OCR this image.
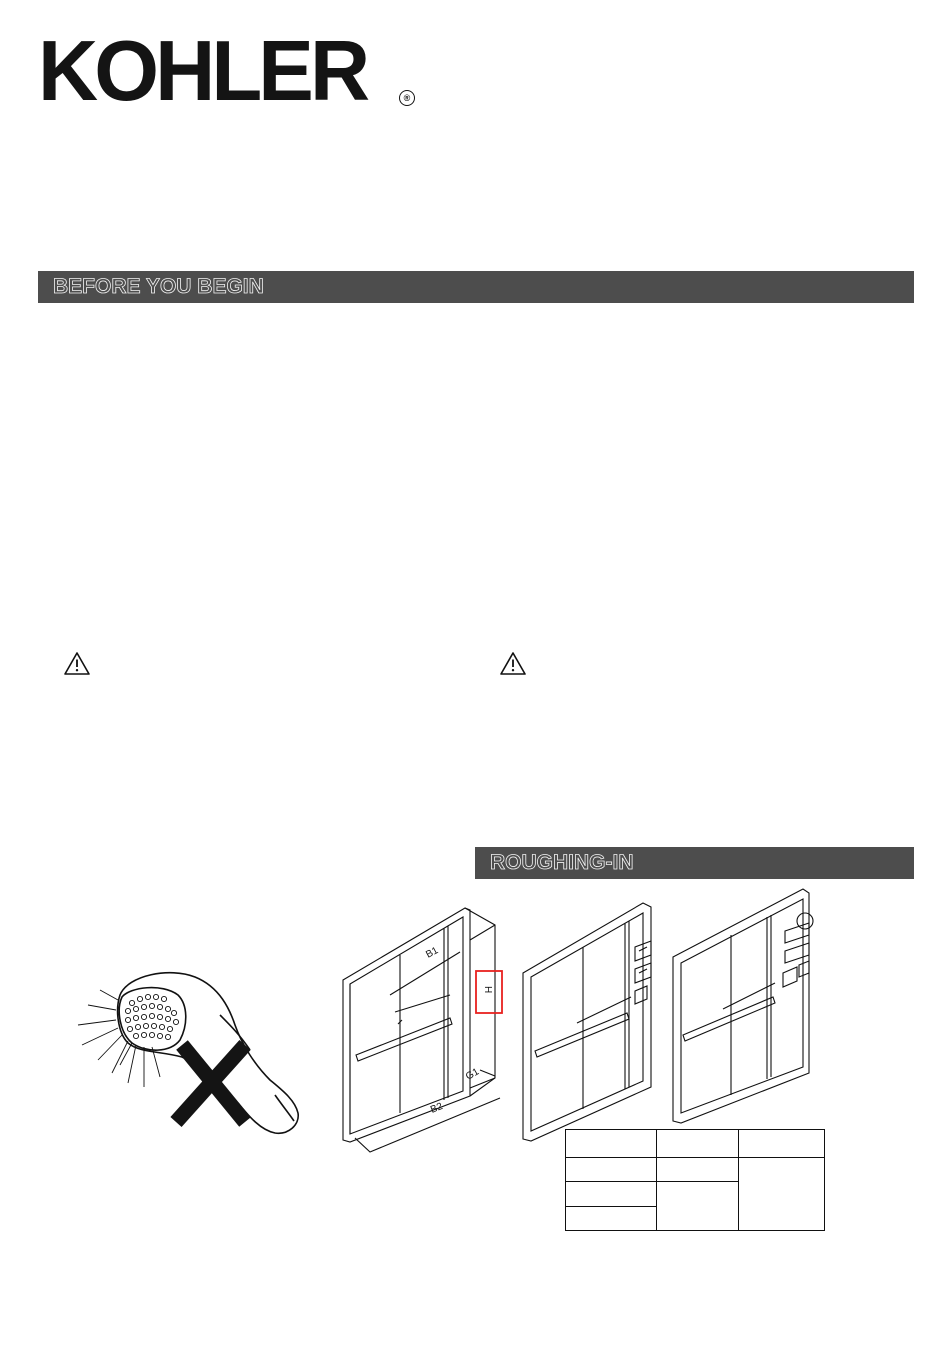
KOHLER	®
BEFORE YOU BEGIN
ROUGHING-IN
B1
B2
G1
H
